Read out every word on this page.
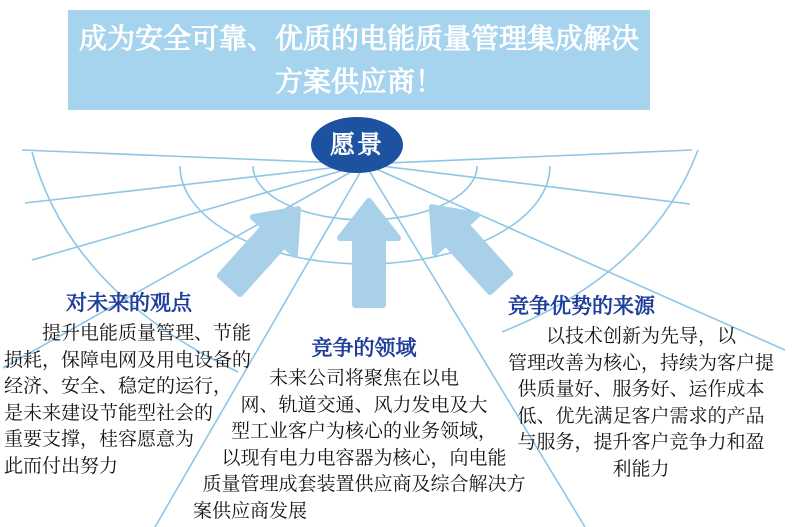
成为安全可靠、优质的电能质量管理集成解决
方案供应商！
愿景
对未来的观点
提升电能质量管理、节能
损耗，保障电网及用电设备的
经济、安全、稳定的运行，
是未来建设节能型社会的
重要支撑，桂容愿意为
此而付出努力
竞争的领域
未来公司将聚焦在以电
网、轨道交通、风力发电及大
型工业客户为核心的业务领域，
以现有电力电容器为核心，向电能
质量管理成套装置供应商及综合解决方
案供应商发展
竞争优势的来源
以技术创新为先导，以
管理改善为核心，持续为客户提
供质量好、服务好、运作成本
低、优先满足客户需求的产品
与服务，提升客户竞争力和盈
利能力
